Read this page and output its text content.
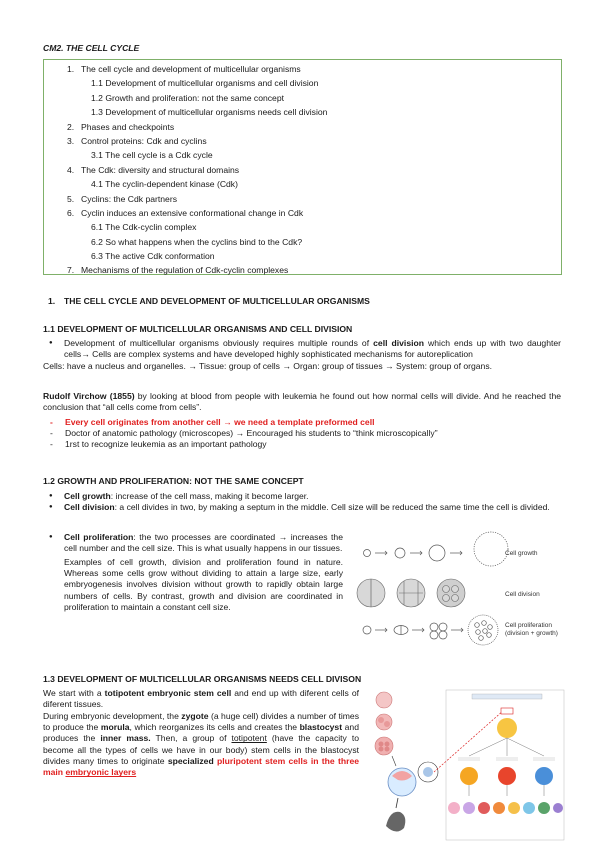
CM2. THE CELL CYCLE
1. The cell cycle and development of multicellular organisms
1.1 Development of multicellular organisms and cell division
1.2 Growth and proliferation: not the same concept
1.3 Development of multicellular organisms needs cell division
2. Phases and checkpoints
3. Control proteins: Cdk and cyclins
3.1 The cell cycle is a Cdk cycle
4. The Cdk: diversity and structural domains
4.1 The cyclin-dependent kinase (Cdk)
5. Cyclins: the Cdk partners
6. Cyclin induces an extensive conformational change in Cdk
6.1 The Cdk-cyclin complex
6.2 So what happens when the cyclins bind to the Cdk?
6.3 The active Cdk conformation
7. Mechanisms of the regulation of Cdk-cyclin complexes
1. THE CELL CYCLE AND DEVELOPMENT OF MULTICELLULAR ORGANISMS
1.1 DEVELOPMENT OF MULTICELLULAR ORGANISMS AND CELL DIVISION
● Development of multicellular organisms obviously requires multiple rounds of cell division which ends up with two daughter cells→ Cells are complex systems and have developed highly sophisticated mechanisms for autoreplication
Cells: have a nucleus and organelles. → Tissue: group of cells → Organ: group of tissues → System: group of organs.
Rudolf Virchow (1855) by looking at blood from people with leukemia he found out how normal cells will divide. And he reached the conclusion that “all cells come from cells”.
- Every cell originates from another cell → we need a template preformed cell
- Doctor of anatomic pathology (microscopes) → Encouraged his students to “think microscopically”
- 1rst to recognize leukemia as an important pathology
1.2 GROWTH AND PROLIFERATION: NOT THE SAME CONCEPT
● Cell growth: increase of the cell mass, making it become larger.
● Cell division: a cell divides in two, by making a septum in the middle. Cell size will be reduced the same time the cell is divided.
● Cell proliferation: the two processes are coordinated → increases the cell number and the cell size. This is what usually happens in our tissues.
Examples of cell growth, division and proliferation found in nature. Whereas some cells grow without dividing to attain a large size, early embryogenesis involves division without growth to rapidly obtain large numbers of cells. By contrast, growth and division are coordinated in proliferation to maintain a constant cell size.
Cell growth
Cell division
Cell proliferation
(division + growth)
1.3 DEVELOPMENT OF MULTICELLULAR ORGANISMS NEEDS CELL DIVISON
We start with a totipotent embryonic stem cell and end up with diferent cells of diferent tissues.
During embryonic development, the zygote (a huge cell) divides a number of times to produce the morula, which reorganizes its cells and creates the blastocyst and produces the inner mass. Then, a group of totipotent (have the capacity to become all the types of cells we have in our body) stem cells in the blastocyst divides many times to originate specialized pluripotent stem cells in the three main embryonic layers
